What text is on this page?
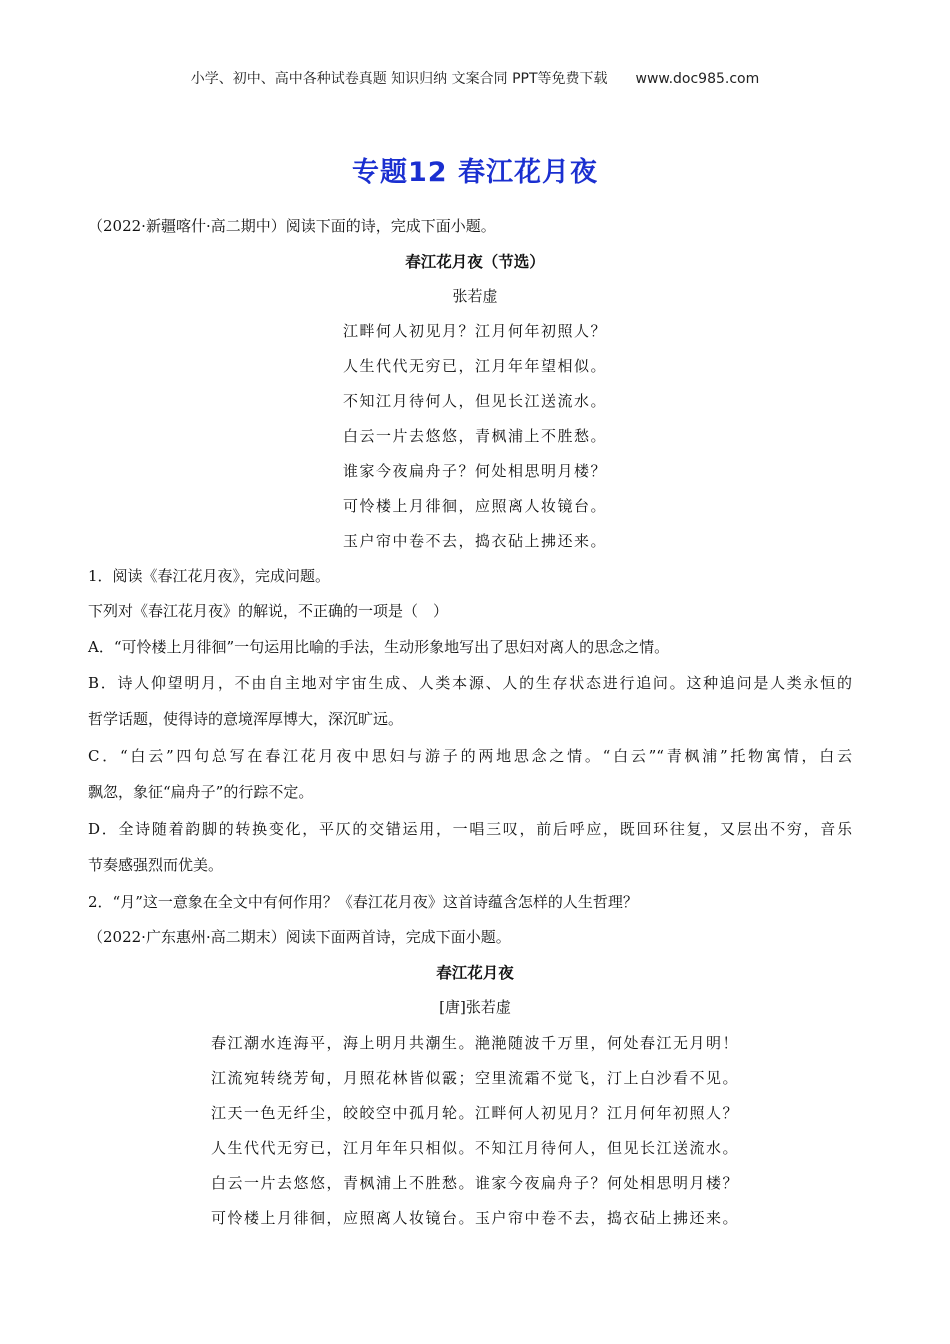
小学、初中、高中各种试卷真题 知识归纳 文案合同 PPT等免费下载 www.doc985.com
专题12 春江花月夜
（2022·新疆喀什·高二期中）阅读下面的诗，完成下面小题。
春江花月夜（节选）
张若虚
江畔何人初见月？江月何年初照人？
人生代代无穷已，江月年年望相似。
不知江月待何人，但见长江送流水。
白云一片去悠悠，青枫浦上不胜愁。
谁家今夜扁舟子？何处相思明月楼？
可怜楼上月徘徊，应照离人妆镜台。
玉户帘中卷不去，捣衣砧上拂还来。
1．阅读《春江花月夜》，完成问题。
下列对《春江花月夜》的解说，不正确的一项是（　）
A．“可怜楼上月徘徊”一句运用比喻的手法，生动形象地写出了思妇对离人的思念之情。
B．诗人仰望明月，不由自主地对宇宙生成、人类本源、人的生存状态进行追问。这种追问是人类永恒的
哲学话题，使得诗的意境浑厚博大，深沉旷远。
C．“白云”四句总写在春江花月夜中思妇与游子的两地思念之情。“白云”“青枫浦”托物寓情，白云
飘忽，象征“扁舟子”的行踪不定。
D．全诗随着韵脚的转换变化，平仄的交错运用，一唱三叹，前后呼应，既回环往复，又层出不穷，音乐
节奏感强烈而优美。
2．“月”这一意象在全文中有何作用？《春江花月夜》这首诗蕴含怎样的人生哲理？
（2022·广东惠州·高二期末）阅读下面两首诗，完成下面小题。
春江花月夜
[唐]张若虚
春江潮水连海平，海上明月共潮生。滟滟随波千万里，何处春江无月明！
江流宛转绕芳甸，月照花林皆似霰；空里流霜不觉飞，汀上白沙看不见。
江天一色无纤尘，皎皎空中孤月轮。江畔何人初见月？江月何年初照人？
人生代代无穷已，江月年年只相似。不知江月待何人，但见长江送流水。
白云一片去悠悠，青枫浦上不胜愁。谁家今夜扁舟子？何处相思明月楼？
可怜楼上月徘徊，应照离人妆镜台。玉户帘中卷不去，捣衣砧上拂还来。
